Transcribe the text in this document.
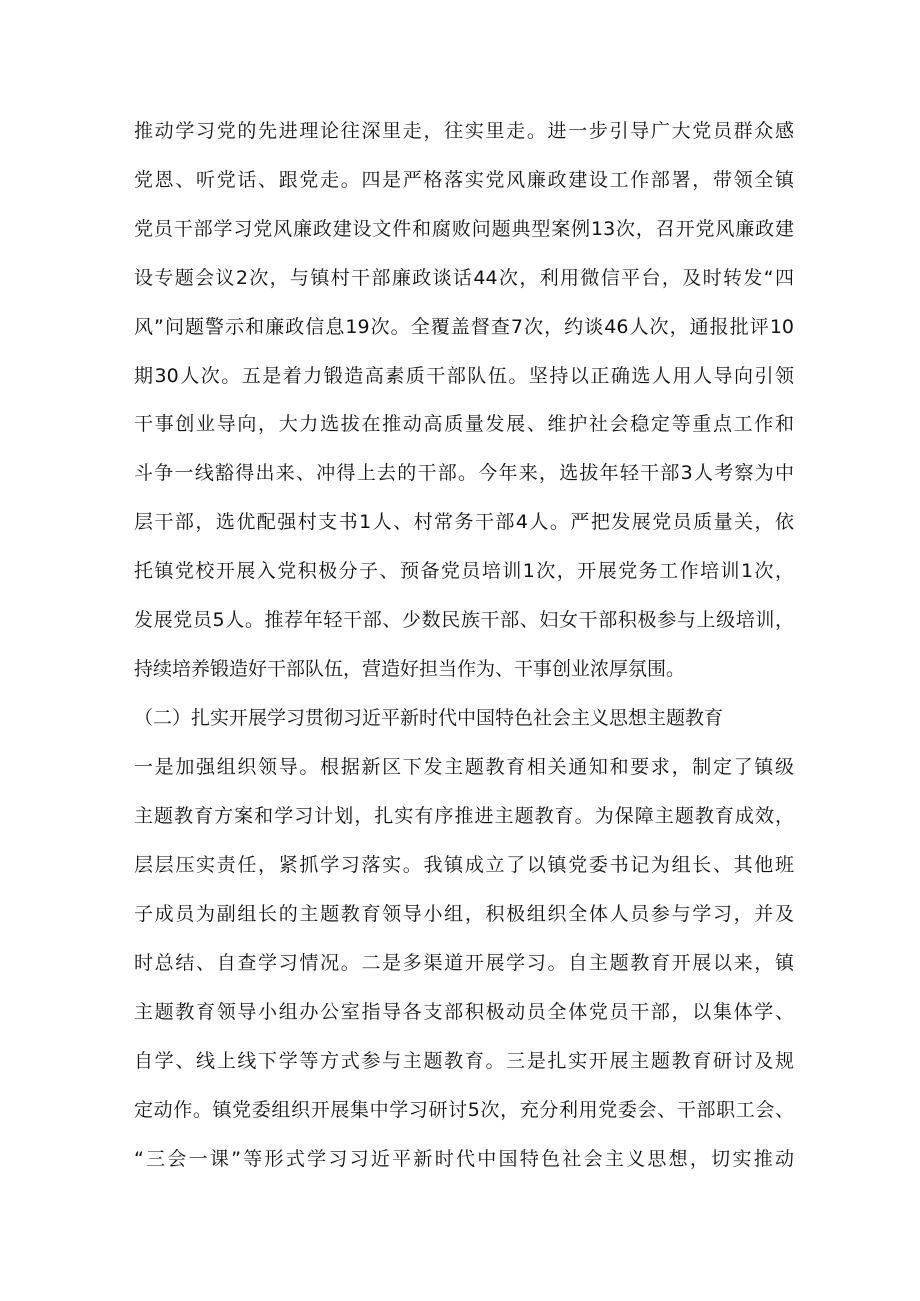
推动学习党的先进理论往深里走，往实里走。进一步引导广大党员群众感
党恩、听党话、跟党走。四是严格落实党风廉政建设工作部署，带领全镇
党员干部学习党风廉政建设文件和腐败问题典型案例13次，召开党风廉政建
设专题会议2次，与镇村干部廉政谈话44次，利用微信平台，及时转发“四
风”问题警示和廉政信息19次。全覆盖督查7次，约谈46人次，通报批评10
期30人次。五是着力锻造高素质干部队伍。坚持以正确选人用人导向引领
干事创业导向，大力选拔在推动高质量发展、维护社会稳定等重点工作和
斗争一线豁得出来、冲得上去的干部。今年来，选拔年轻干部3人考察为中
层干部，选优配强村支书1人、村常务干部4人。严把发展党员质量关，依
托镇党校开展入党积极分子、预备党员培训1次，开展党务工作培训1次，
发展党员5人。推荐年轻干部、少数民族干部、妇女干部积极参与上级培训，
持续培养锻造好干部队伍，营造好担当作为、干事创业浓厚氛围。
（二）扎实开展学习贯彻习近平新时代中国特色社会主义思想主题教育
一是加强组织领导。根据新区下发主题教育相关通知和要求，制定了镇级
主题教育方案和学习计划，扎实有序推进主题教育。为保障主题教育成效，
层层压实责任，紧抓学习落实。我镇成立了以镇党委书记为组长、其他班
子成员为副组长的主题教育领导小组，积极组织全体人员参与学习，并及
时总结、自查学习情况。二是多渠道开展学习。自主题教育开展以来，镇
主题教育领导小组办公室指导各支部积极动员全体党员干部，以集体学、
自学、线上线下学等方式参与主题教育。三是扎实开展主题教育研讨及规
定动作。镇党委组织开展集中学习研讨5次，充分利用党委会、干部职工会、
“三会一课”等形式学习习近平新时代中国特色社会主义思想，切实推动
